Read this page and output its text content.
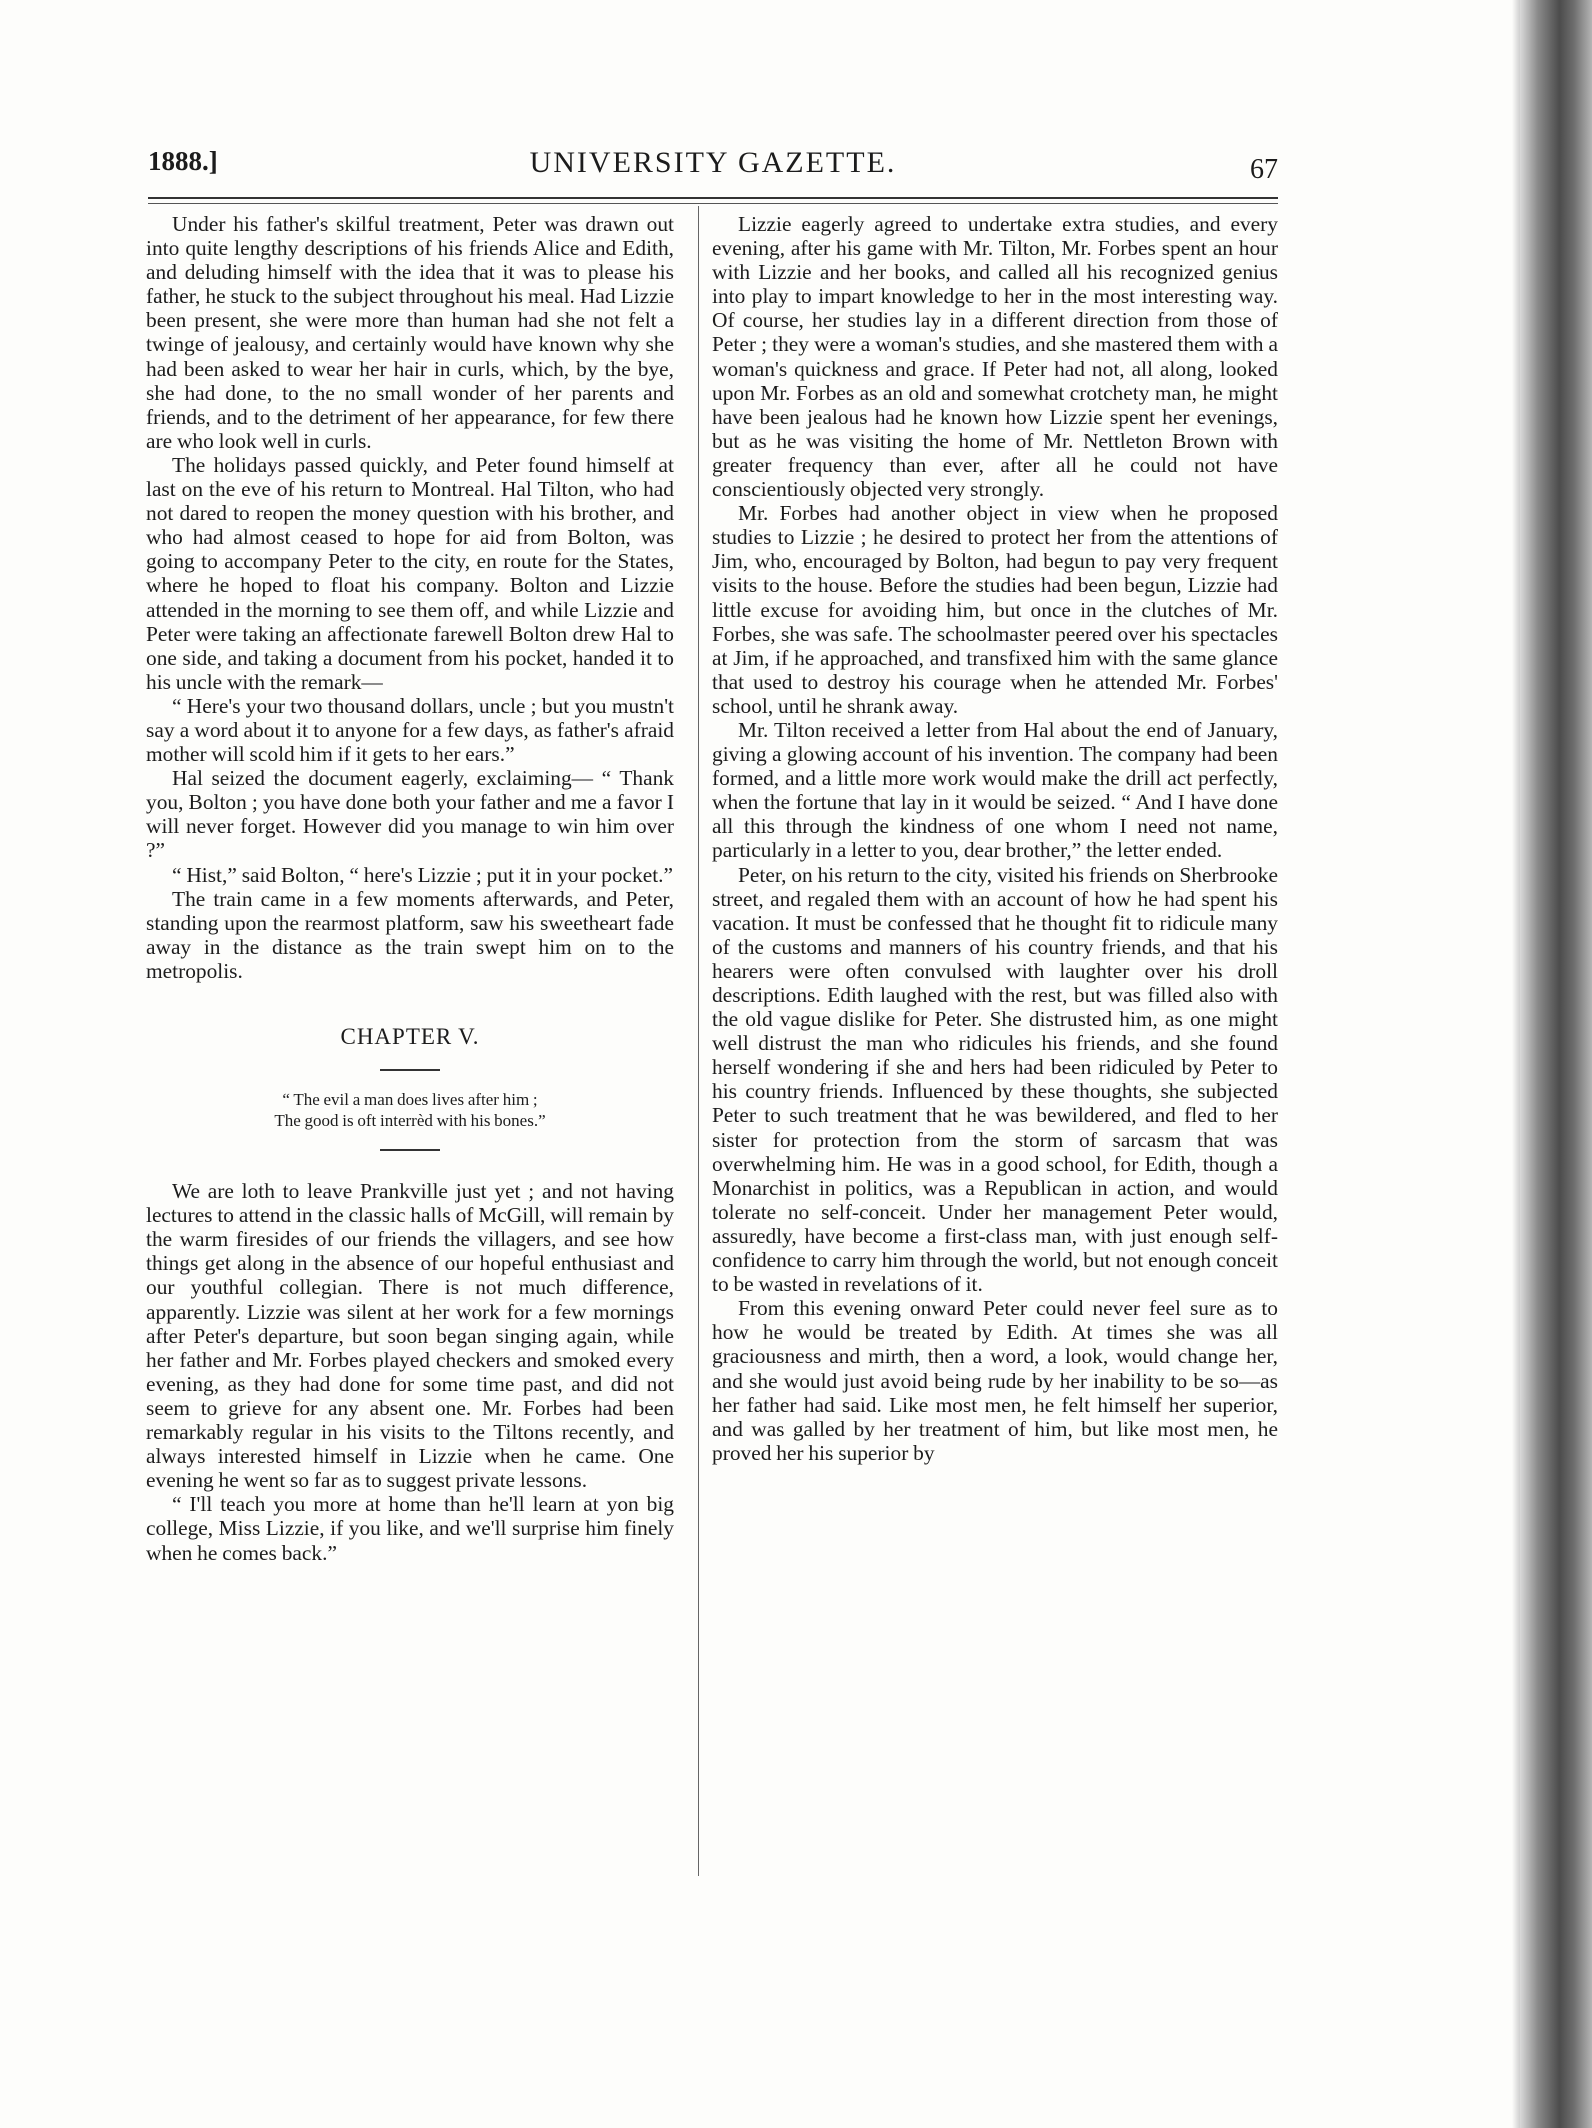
1888.]	UNIVERSITY GAZETTE.	67

Under his father's skilful treatment, Peter was drawn out into quite lengthy descriptions of his friends Alice and Edith, and deluding himself with the idea that it was to please his father, he stuck to the subject throughout his meal. Had Lizzie been present, she were more than human had she not felt a twinge of jealousy, and certainly would have known why she had been asked to wear her hair in curls, which, by the bye, she had done, to the no small wonder of her parents and friends, and to the detriment of her appearance, for few there are who look well in curls.

The holidays passed quickly, and Peter found himself at last on the eve of his return to Montreal. Hal Tilton, who had not dared to reopen the money question with his brother, and who had almost ceased to hope for aid from Bolton, was going to accompany Peter to the city, en route for the States, where he hoped to float his company. Bolton and Lizzie attended in the morning to see them off, and while Lizzie and Peter were taking an affectionate farewell Bolton drew Hal to one side, and taking a document from his pocket, handed it to his uncle with the remark—

“ Here's your two thousand dollars, uncle ; but you mustn't say a word about it to anyone for a few days, as father's afraid mother will scold him if it gets to her ears.”

Hal seized the document eagerly, exclaiming— “ Thank you, Bolton ; you have done both your father and me a favor I will never forget. However did you manage to win him over ?”

“ Hist,” said Bolton, “ here's Lizzie ; put it in your pocket.”

The train came in a few moments afterwards, and Peter, standing upon the rearmost platform, saw his sweetheart fade away in the distance as the train swept him on to the metropolis.

CHAPTER V.
“ The evil a man does lives after him ;
The good is oft interrèd with his bones.”

We are loth to leave Prankville just yet ; and not having lectures to attend in the classic halls of McGill, will remain by the warm firesides of our friends the villagers, and see how things get along in the absence of our hopeful enthusiast and our youthful collegian. There is not much difference, apparently. Lizzie was silent at her work for a few mornings after Peter's departure, but soon began singing again, while her father and Mr. Forbes played checkers and smoked every evening, as they had done for some time past, and did not seem to grieve for any absent one. Mr. Forbes had been remarkably regular in his visits to the Tiltons recently, and always interested himself in Lizzie when he came. One evening he went so far as to suggest private lessons.

“ I'll teach you more at home than he'll learn at yon big college, Miss Lizzie, if you like, and we'll surprise him finely when he comes back.”

Lizzie eagerly agreed to undertake extra studies, and every evening, after his game with Mr. Tilton, Mr. Forbes spent an hour with Lizzie and her books, and called all his recognized genius into play to impart knowledge to her in the most interesting way. Of course, her studies lay in a different direction from those of Peter ; they were a woman's studies, and she mastered them with a woman's quickness and grace. If Peter had not, all along, looked upon Mr. Forbes as an old and somewhat crotchety man, he might have been jealous had he known how Lizzie spent her evenings, but as he was visiting the home of Mr. Nettleton Brown with greater frequency than ever, after all he could not have conscientiously objected very strongly.

Mr. Forbes had another object in view when he proposed studies to Lizzie ; he desired to protect her from the attentions of Jim, who, encouraged by Bolton, had begun to pay very frequent visits to the house. Before the studies had been begun, Lizzie had little excuse for avoiding him, but once in the clutches of Mr. Forbes, she was safe. The schoolmaster peered over his spectacles at Jim, if he approached, and transfixed him with the same glance that used to destroy his courage when he attended Mr. Forbes' school, until he shrank away.

Mr. Tilton received a letter from Hal about the end of January, giving a glowing account of his invention. The company had been formed, and a little more work would make the drill act perfectly, when the fortune that lay in it would be seized. “ And I have done all this through the kindness of one whom I need not name, particularly in a letter to you, dear brother,” the letter ended.

Peter, on his return to the city, visited his friends on Sherbrooke street, and regaled them with an account of how he had spent his vacation. It must be confessed that he thought fit to ridicule many of the customs and manners of his country friends, and that his hearers were often convulsed with laughter over his droll descriptions. Edith laughed with the rest, but was filled also with the old vague dislike for Peter. She distrusted him, as one might well distrust the man who ridicules his friends, and she found herself wondering if she and hers had been ridiculed by Peter to his country friends. Influenced by these thoughts, she subjected Peter to such treatment that he was bewildered, and fled to her sister for protection from the storm of sarcasm that was overwhelming him. He was in a good school, for Edith, though a Monarchist in politics, was a Republican in action, and would tolerate no self-conceit. Under her management Peter would, assuredly, have become a first-class man, with just enough self-confidence to carry him through the world, but not enough conceit to be wasted in revelations of it.

From this evening onward Peter could never feel sure as to how he would be treated by Edith. At times she was all graciousness and mirth, then a word, a look, would change her, and she would just avoid being rude by her inability to be so—as her father had said. Like most men, he felt himself her superior, and was galled by her treatment of him, but like most men, he proved her his superior by
